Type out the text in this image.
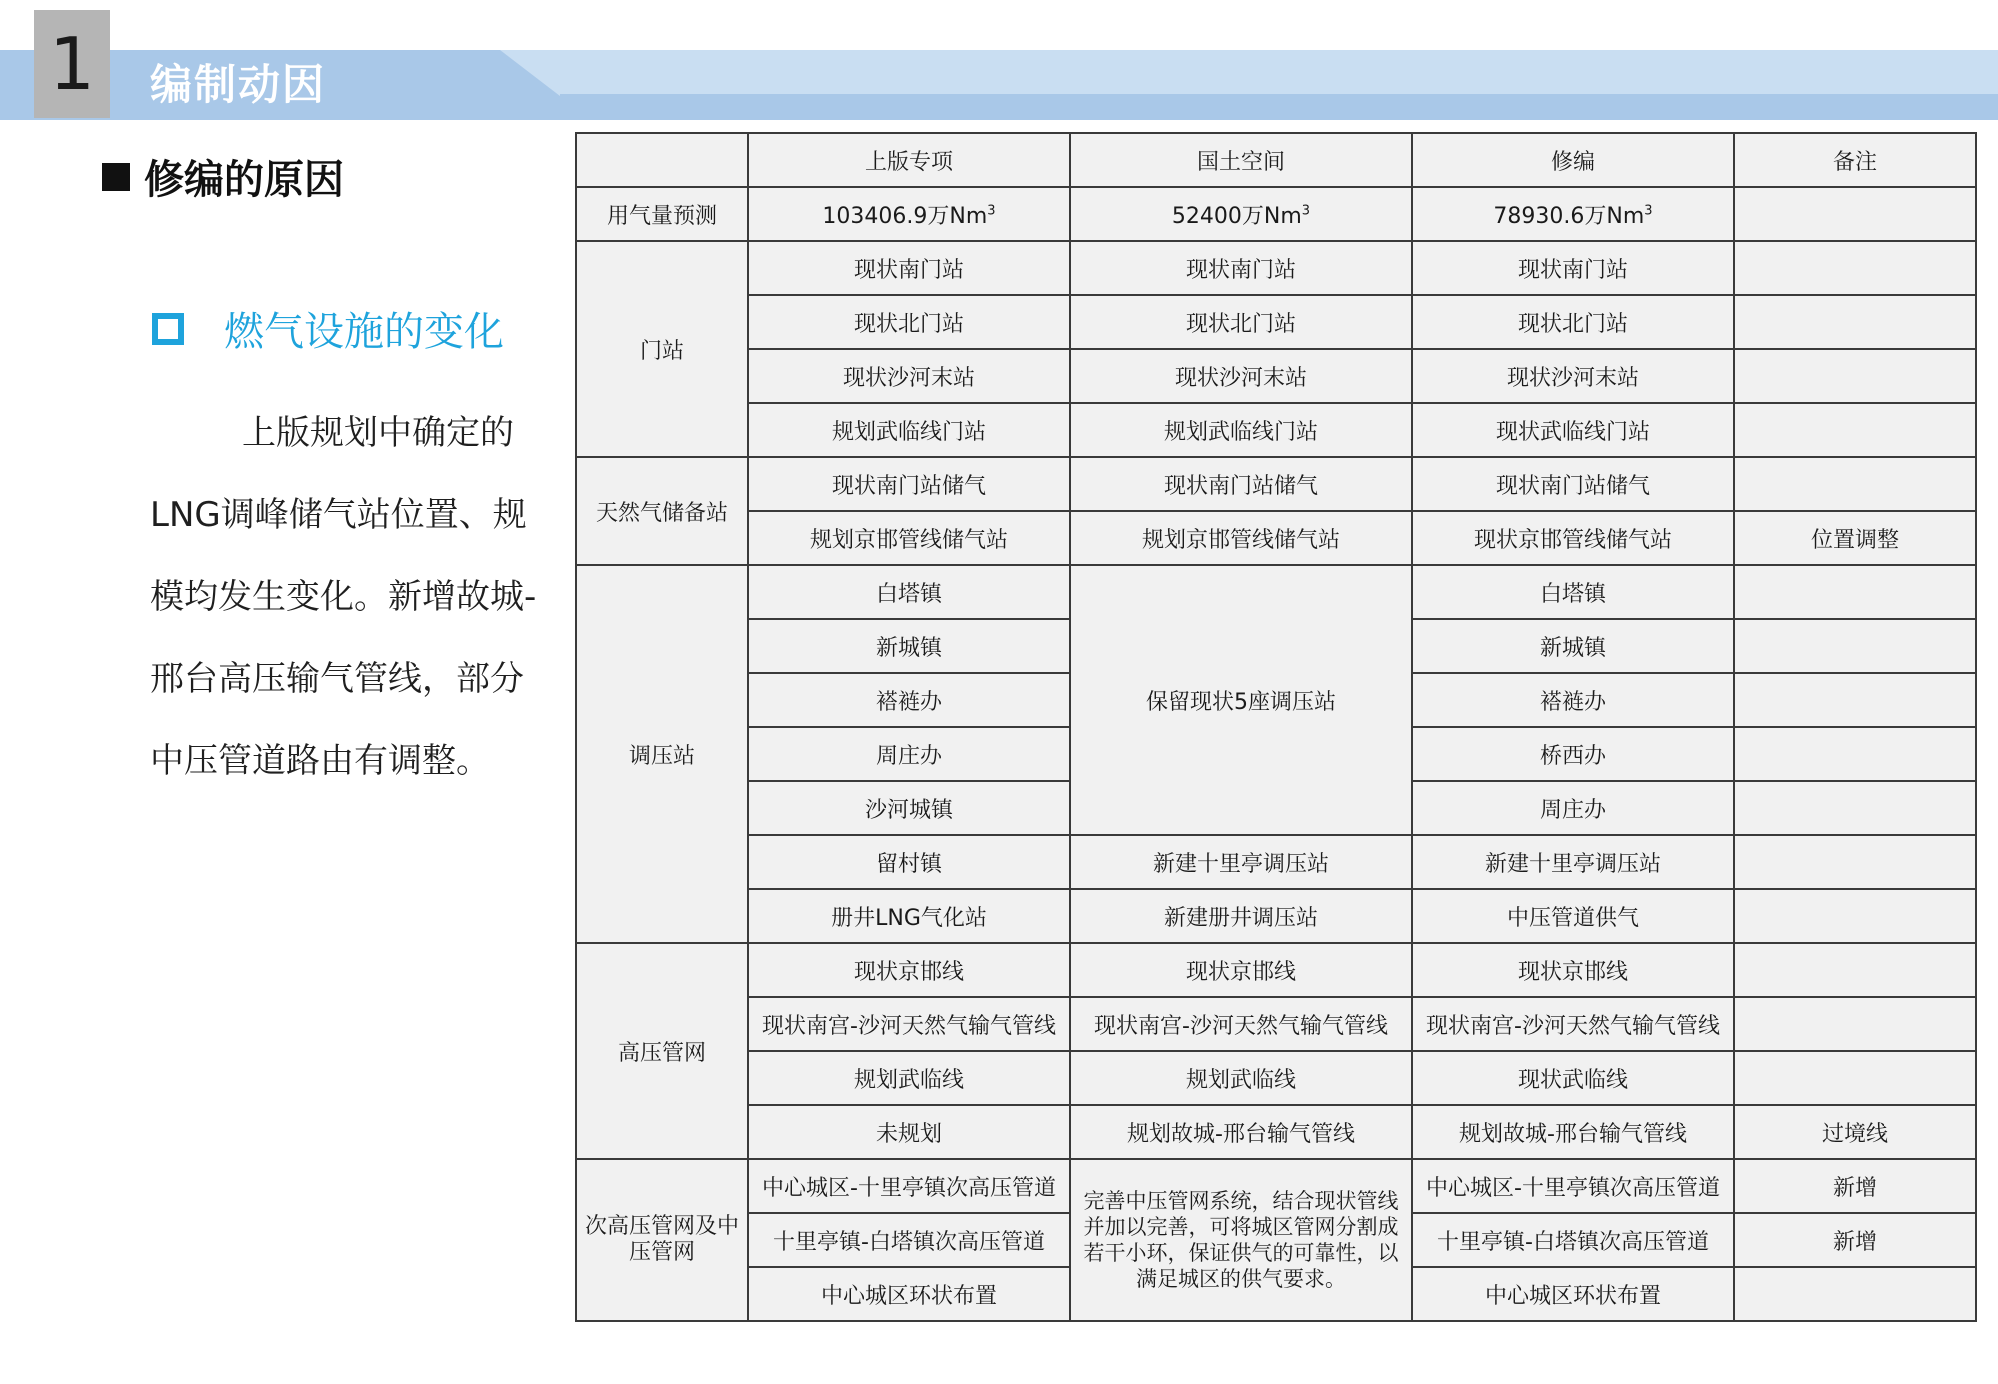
1	编制动因
修编的原因
燃气设施的变化
上版规划中确定的LNG调峰储气站位置、规模均发生变化。新增故城-邢台高压输气管线，部分中压管道路由有调整。
	上版专项	国土空间	修编	备注
用气量预测	103406.9万Nm$^3$	52400万Nm$^3$	78930.6万Nm$^3$	
门站	现状南门站	现状南门站	现状南门站	
	现状北门站	现状北门站	现状北门站	
	现状沙河末站	现状沙河末站	现状沙河末站	
	规划武临线门站	规划武临线门站	现状武临线门站	
天然气储备站	现状南门站储气	现状南门站储气	现状南门站储气	
	规划京邯管线储气站	规划京邯管线储气站	现状京邯管线储气站	位置调整
调压站	白塔镇	保留现状5座调压站	白塔镇	
	新城镇		新城镇	
	褡裢办		褡裢办	
	周庄办		桥西办	
	沙河城镇		周庄办	
	留村镇	新建十里亭调压站	新建十里亭调压站	
	册井LNG气化站	新建册井调压站	中压管道供气	
高压管网	现状京邯线	现状京邯线	现状京邯线	
	现状南宫-沙河天然气输气管线	现状南宫-沙河天然气输气管线	现状南宫-沙河天然气输气管线	
	规划武临线	规划武临线	现状武临线	
	未规划	规划故城-邢台输气管线	规划故城-邢台输气管线	过境线
次高压管网及中压管网	中心城区-十里亭镇次高压管道	完善中压管网系统，结合现状管线并加以完善，可将城区管网分割成若干小环，保证供气的可靠性，以满足城区的供气要求。	中心城区-十里亭镇次高压管道	新增
	十里亭镇-白塔镇次高压管道		十里亭镇-白塔镇次高压管道	新增
	中心城区环状布置		中心城区环状布置	
